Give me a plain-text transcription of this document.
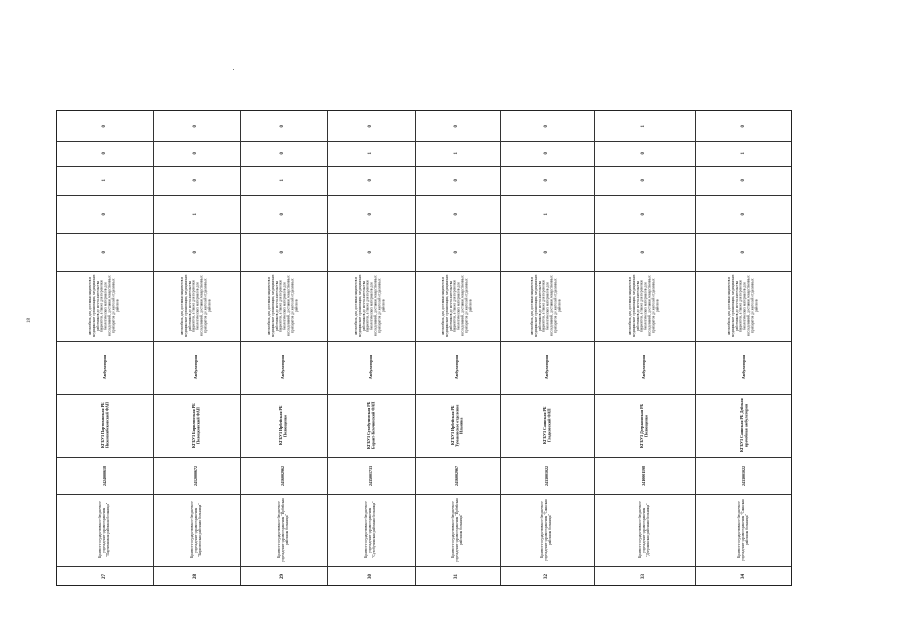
18
0
0
1
0
0
автомобиль для доставки пациентов в медицинские организации, медицинских работников до места жительства пациентов, а также для перевозки биологических материалов для исследований, доставки лекарственных препаратов до жителей отдаленных районов
Амбулатория
КГБУЗ Партизанская РБ Нижнеинбековский ФАП
2424000618
Краевое государственное бюджетное учреждение здравоохранения "Партизанская районная больница"
27
0
0
0
1
0
автомобиль для доставки пациентов в медицинские организации, медицинских работников до места жительства пациентов, а также для перевозки биологических материалов для исследований, доставки лекарственных препаратов до жителей отдаленных районов
Амбулатория
КГБУЗ Бирилюсская РБ Полоцковский ФАП
2412000672
Краевое государственное бюджетное учреждение здравоохранения "Бирилюсская районная больница"
28
0
0
1
0
0
автомобиль для доставки пациентов в медицинские организации, медицинских работников до места жительства пациентов, а также для перевозки биологических материалов для исследований, доставки лекарственных препаратов до жителей отдаленных районов
Амбулатория
КГБУЗ Ирбейская РБ Полющенко
2416002962
Краевое государственное бюджетное учреждение здравоохранения "Ирбейская районная больница"
29
0
1
0
0
0
автомобиль для доставки пациентов в медицинские организации, медицинских работников до места жительства пациентов, а также для перевозки биологических материалов для исследований, доставки лекарственных препаратов до жителей отдаленных районов
Амбулатория
КГБУЗ Сухобузимская РБ Бараит-Кемчинский ФАП
2435001733
Краевое государственное бюджетное учреждение здравоохранения "Сухобузимская районная больница"
30
0
1
0
0
0
автомобиль для доставки пациентов в медицинские организации, медицинских работников до места жительства пациентов, а также для перевозки биологических материалов для исследований, доставки лекарственных препаратов до жителей отдаленных районов
Амбулатория
КГБУЗ Ирбейская РБ Тумаковское отделение Ильинка
2416002967
Краевое государственное бюджетное учреждение здравоохранения "Ирбейская районная больница"
31
0
0
0
1
0
автомобиль для доставки пациентов в медицинские организации, медицинских работников до места жительства пациентов, а также для перевозки биологических материалов для исследований, доставки лекарственных препаратов до жителей отдаленных районов
Амбулатория
КГБУЗ Саянская РБ Гладковский ФАП
2433001022
Краевое государственное бюджетное учреждение здравоохранения "Саянская районная больница"
32
1
0
0
0
0
автомобиль для доставки пациентов в медицинские организации, медицинских работников до места жительства пациентов, а также для перевозки биологических материалов для исследований, доставки лекарственных препаратов до жителей отдаленных районов
Амбулатория
КГБУЗ Дзержинская РБ Полющенко
2410001198
Краевое государственное бюджетное учреждение здравоохранения "Дзержинская районная больница"
33
0
1
0
0
0
автомобиль для доставки пациентов в медицинские организации, медицинских работников до места жительства пациентов, а также для перевозки биологических материалов для исследований, доставки лекарственных препаратов до жителей отдаленных районов
Амбулатория
КГБУЗ Саянская РБ Дейская врачебная амбулатория
2433001022
Краевое государственное бюджетное учреждение здравоохранения "Саянская районная больница"
34
